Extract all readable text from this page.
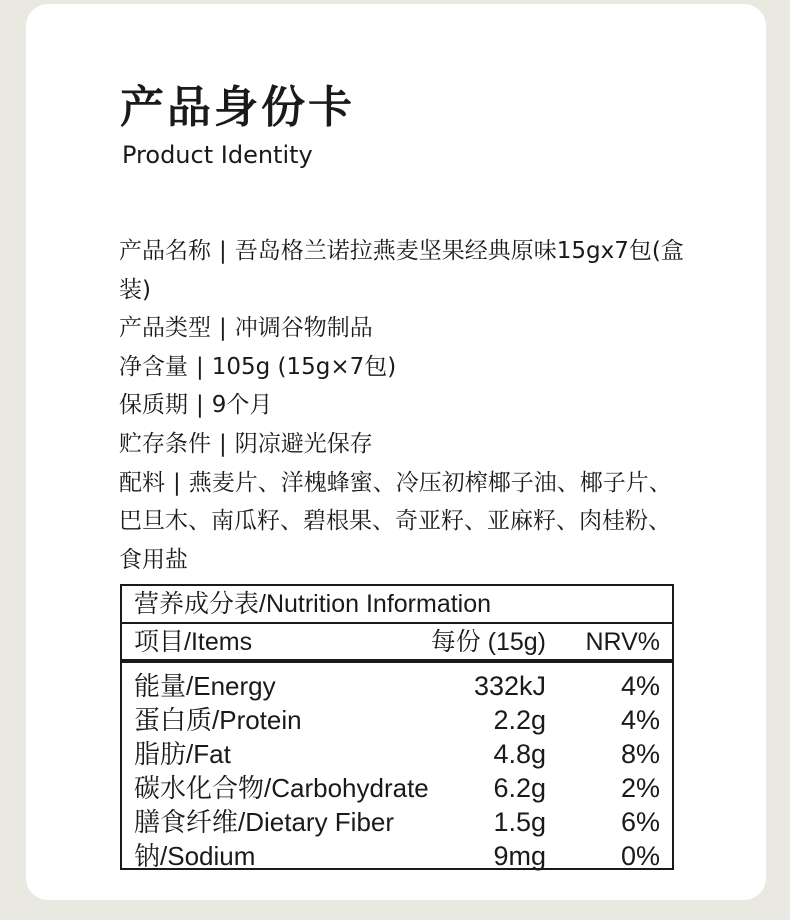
产品身份卡
Product Identity
产品名称 | 吾岛格兰诺拉燕麦坚果经典原味15gx7包(盒装)
产品类型 | 冲调谷物制品
净含量 | 105g (15g×7包)
保质期 | 9个月
贮存条件 | 阴凉避光保存
配料 | 燕麦片、洋槐蜂蜜、冷压初榨椰子油、椰子片、巴旦木、南瓜籽、碧根果、奇亚籽、亚麻籽、肉桂粉、食用盐
营养成分表/Nutrition Information
项目/Items	每份 (15g) NRV%
能量/Energy	332kJ	4%
蛋白质/Protein	2.2g	4%
脂肪/Fat	4.8g	8%
碳水化合物/Carbohydrate 6.2g	2%
膳食纤维/Dietary Fiber	1.5g	6%
钠/Sodium	9mg	0%
